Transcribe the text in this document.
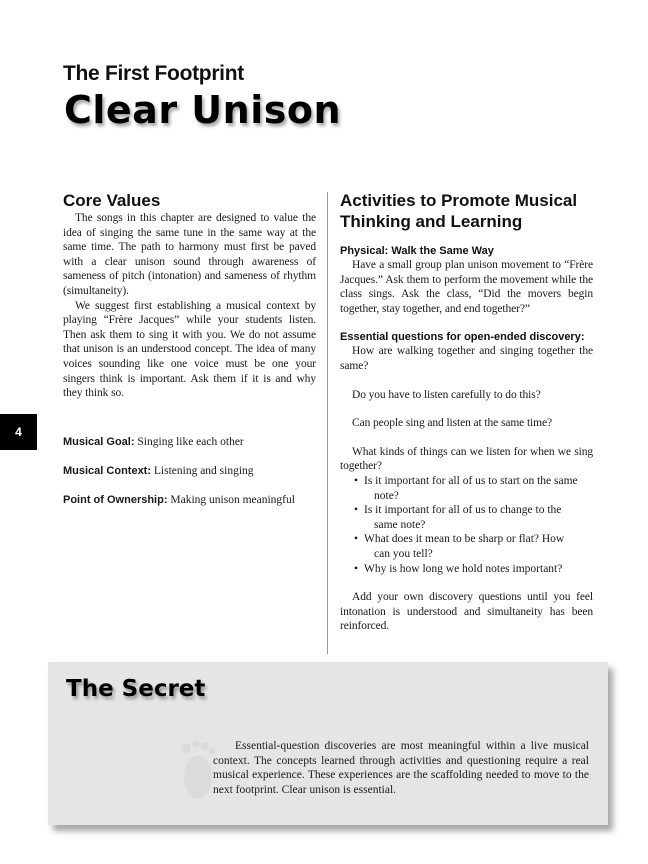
The First Footprint
Clear Unison
4
Core Values

The songs in this chapter are designed to value the idea of singing the same tune in the same way at the same time. The path to harmony must first be paved with a clear unison sound through awareness of sameness of pitch (intonation) and sameness of rhythm (simultaneity).

We suggest first establishing a musical context by playing “Frère Jacques” while your students listen. Then ask them to sing it with you. We do not assume that unison is an understood concept. The idea of many voices sounding like one voice must be one your singers think is important. Ask them if it is and why they think so.

Musical Goal: Singing like each other
Musical Context: Listening and singing
Point of Ownership: Making unison meaningful
Activities to Promote Musical Thinking and Learning
Physical: Walk the Same Way

Have a small group plan unison movement to “Frère Jacques.” Ask them to perform the movement while the class sings. Ask the class, “Did the movers begin together, stay together, and end together?”

Essential questions for open-ended discovery:

How are walking together and singing together the same?

Do you have to listen carefully to do this?

Can people sing and listen at the same time?

What kinds of things can we listen for when we sing together?

• Is it important for all of us to start on the same
note?
• Is it important for all of us to change to the
same note?
• What does it mean to be sharp or flat? How
can you tell?
• Why is how long we hold notes important?

Add your own discovery questions until you feel intonation is understood and simultaneity has been reinforced.

The Secret
Essential-question discoveries are most meaningful within a live musical context. The concepts learned through activities and questioning require a real musical experience. These experiences are the scaffolding needed to move to the next footprint. Clear unison is essential.
